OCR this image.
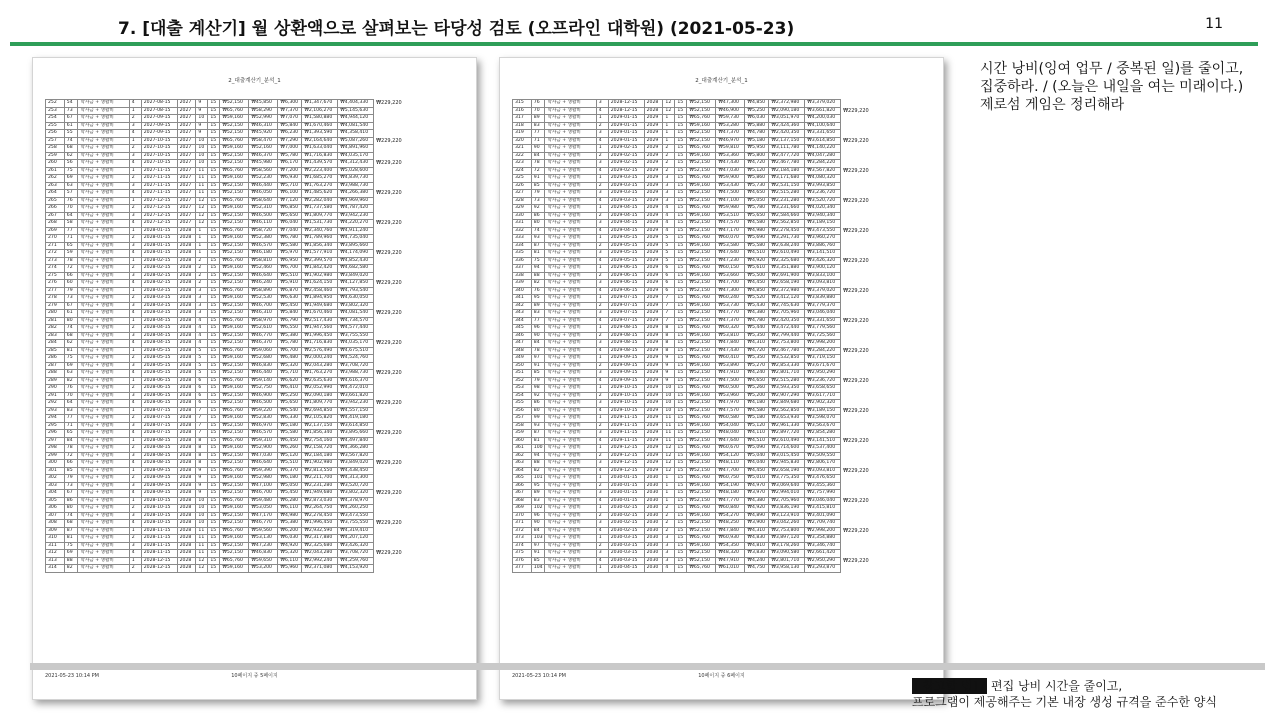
7. [대출 계산기] 월 상환액으로 살펴보는 타당성 검토 (오프라인 대학원) (2021-05-23)	11
2_대출계산기_분석_1
252	54	학자금 + 생활비	4	2027-08-15	2027	9	15	₩52,150	₩45,850	₩6,300	₩1,347,670	₩4,404,330	₩229,220
253	73	학자금 + 생활비	1	2027-08-15	2027	9	15	₩65,760	₩58,290	₩7,370	₩2,106,270	₩5,145,630	
254	67	학자금 + 생활비	2	2027-09-15	2027	10	15	₩59,160	₩52,990	₩7,070	₩1,580,880	₩4,944,120	
255	61	학자금 + 생활비	3	2027-09-15	2027	9	15	₩52,150	₩46,310	₩5,840	₩1,670,460	₩4,081,540	
256	55	학자금 + 생활비	4	2027-09-15	2027	9	15	₩52,150	₩45,920	₩6,230	₩1,393,590	₩4,358,410	
257	74	학자금 + 생활비	1	2027-10-15	2027	10	15	₩65,760	₩58,470	₩7,290	₩2,164,640	₩5,087,260	₩229,220
258	68	학자금 + 생활비	2	2027-10-15	2027	10	15	₩59,160	₩52,160	₩7,000	₩1,633,040	₩4,891,960	
259	62	학자금 + 생활비	3	2027-10-15	2027	10	15	₩52,150	₩46,370	₩5,780	₩1,716,830	₩4,035,170	
260	56	학자금 + 생활비	4	2027-10-15	2027	10	15	₩52,150	₩45,980	₩6,170	₩1,439,570	₩4,312,430	₩229,220
261	75	학자금 + 생활비	1	2027-11-15	2027	11	15	₩65,760	₩58,560	₩7,200	₩2,223,400	₩5,028,600	
262	69	학자금 + 생활비	2	2027-11-15	2027	11	15	₩59,160	₩52,230	₩6,930	₩1,685,270	₩4,839,730	
263	63	학자금 + 생활비	3	2027-11-15	2027	11	15	₩52,150	₩46,440	₩5,710	₩1,763,270	₩3,988,730	
264	57	학자금 + 생활비	4	2027-11-15	2027	11	15	₩52,150	₩46,050	₩6,100	₩1,485,620	₩4,266,380	₩229,220
265	76	학자금 + 생활비	1	2027-12-15	2027	12	15	₩65,760	₩58,640	₩7,120	₩2,282,040	₩4,969,960	
266	70	학자금 + 생활비	2	2027-12-15	2027	12	15	₩59,160	₩52,310	₩6,850	₩1,737,580	₩4,787,420	
267	64	학자금 + 생활비	3	2027-12-15	2027	12	15	₩52,150	₩46,500	₩5,650	₩1,809,770	₩3,942,230	
268	58	학자금 + 생활비	4	2027-12-15	2027	12	15	₩52,150	₩46,110	₩6,040	₩1,531,730	₩4,220,270	₩229,220
269	77	학자금 + 생활비	1	2028-01-15	2028	1	15	₩65,760	₩58,720	₩7,040	₩2,340,760	₩4,911,240	
270	71	학자금 + 생활비	2	2028-01-15	2028	1	15	₩59,160	₩52,380	₩6,780	₩1,789,960	₩4,735,040	
271	65	학자금 + 생활비	3	2028-01-15	2028	1	15	₩52,150	₩46,570	₩5,580	₩1,856,340	₩3,895,660	
272	59	학자금 + 생활비	4	2028-01-15	2028	1	15	₩52,150	₩46,180	₩5,970	₩1,577,910	₩4,174,090	₩229,220
273	78	학자금 + 생활비	1	2028-02-15	2028	2	15	₩65,760	₩58,810	₩6,950	₩2,399,570	₩4,852,430	
274	72	학자금 + 생활비	2	2028-02-15	2028	2	15	₩59,160	₩52,460	₩6,700	₩1,842,420	₩4,682,580	
275	66	학자금 + 생활비	3	2028-02-15	2028	2	15	₩52,150	₩46,640	₩5,510	₩1,902,980	₩3,849,020	
276	60	학자금 + 생활비	4	2028-02-15	2028	2	15	₩52,150	₩46,240	₩5,910	₩1,624,150	₩4,127,850	₩229,220
277	79	학자금 + 생활비	1	2028-03-15	2028	3	15	₩65,760	₩58,890	₩6,870	₩2,458,460	₩4,793,540	
278	73	학자금 + 생활비	2	2028-03-15	2028	3	15	₩59,160	₩52,530	₩6,630	₩1,894,950	₩4,630,050	
279	67	학자금 + 생활비	3	2028-03-15	2028	3	15	₩52,150	₩46,700	₩5,450	₩1,949,680	₩3,802,320	
280	61	학자금 + 생활비	4	2028-03-15	2028	3	15	₩52,150	₩46,310	₩5,840	₩1,670,460	₩4,081,540	₩229,220
281	80	학자금 + 생활비	1	2028-04-15	2028	4	15	₩65,760	₩58,970	₩6,790	₩2,517,430	₩4,734,570	
282	74	학자금 + 생활비	2	2028-04-15	2028	4	15	₩59,160	₩52,610	₩6,550	₩1,947,560	₩4,577,440	
283	68	학자금 + 생활비	3	2028-04-15	2028	4	15	₩52,150	₩46,770	₩5,380	₩1,996,450	₩3,755,550	
284	62	학자금 + 생활비	4	2028-04-15	2028	4	15	₩52,150	₩46,370	₩5,780	₩1,716,830	₩4,035,170	₩229,220
285	81	학자금 + 생활비	1	2028-05-15	2028	5	15	₩65,760	₩59,060	₩6,700	₩2,576,490	₩4,675,510	
286	75	학자금 + 생활비	2	2028-05-15	2028	5	15	₩59,160	₩52,680	₩6,480	₩2,000,240	₩4,524,760	
287	69	학자금 + 생활비	3	2028-05-15	2028	5	15	₩52,150	₩46,830	₩5,320	₩2,043,280	₩3,708,720	
288	63	학자금 + 생활비	4	2028-05-15	2028	5	15	₩52,150	₩46,440	₩5,710	₩1,763,270	₩3,988,730	₩229,220
289	82	학자금 + 생활비	1	2028-06-15	2028	6	15	₩65,760	₩59,140	₩6,620	₩2,635,630	₩4,616,370	
290	76	학자금 + 생활비	2	2028-06-15	2028	6	15	₩59,160	₩52,750	₩6,410	₩2,052,990	₩4,472,010	
291	70	학자금 + 생활비	3	2028-06-15	2028	6	15	₩52,150	₩46,900	₩5,250	₩2,090,180	₩3,661,820	
292	64	학자금 + 생활비	4	2028-06-15	2028	6	15	₩52,150	₩46,500	₩5,650	₩1,809,770	₩3,942,230	₩229,220
293	83	학자금 + 생활비	1	2028-07-15	2028	7	15	₩65,760	₩59,220	₩6,540	₩2,694,850	₩4,557,150	
294	77	학자금 + 생활비	2	2028-07-15	2028	7	15	₩59,160	₩52,830	₩6,330	₩2,105,820	₩4,419,180	
295	71	학자금 + 생활비	3	2028-07-15	2028	7	15	₩52,150	₩46,970	₩5,180	₩2,137,150	₩3,614,850	
296	65	학자금 + 생활비	4	2028-07-15	2028	7	15	₩52,150	₩46,570	₩5,580	₩1,856,340	₩3,895,660	₩229,220
297	84	학자금 + 생활비	1	2028-08-15	2028	8	15	₩65,760	₩59,310	₩6,450	₩2,754,160	₩4,497,840	
298	78	학자금 + 생활비	2	2028-08-15	2028	8	15	₩59,160	₩52,900	₩6,260	₩2,158,720	₩4,366,280	
299	72	학자금 + 생활비	3	2028-08-15	2028	8	15	₩52,150	₩47,030	₩5,120	₩2,184,180	₩3,567,820	
300	66	학자금 + 생활비	4	2028-08-15	2028	8	15	₩52,150	₩46,640	₩5,510	₩1,902,980	₩3,849,020	₩229,220
301	85	학자금 + 생활비	1	2028-09-15	2028	9	15	₩65,760	₩59,390	₩6,370	₩2,813,550	₩4,438,450	
302	79	학자금 + 생활비	2	2028-09-15	2028	9	15	₩59,160	₩52,980	₩6,180	₩2,211,700	₩4,313,300	
303	73	학자금 + 생활비	3	2028-09-15	2028	9	15	₩52,150	₩47,100	₩5,050	₩2,231,280	₩3,520,720	
304	67	학자금 + 생활비	4	2028-09-15	2028	9	15	₩52,150	₩46,700	₩5,450	₩1,949,680	₩3,802,320	₩229,220
305	86	학자금 + 생활비	1	2028-10-15	2028	10	15	₩65,760	₩59,480	₩6,280	₩2,873,030	₩4,378,970	
306	80	학자금 + 생활비	2	2028-10-15	2028	10	15	₩59,160	₩53,050	₩6,110	₩2,264,750	₩4,260,250	
307	74	학자금 + 생활비	3	2028-10-15	2028	10	15	₩52,150	₩47,170	₩4,980	₩2,278,450	₩3,473,550	
308	68	학자금 + 생활비	4	2028-10-15	2028	10	15	₩52,150	₩46,770	₩5,380	₩1,996,450	₩3,755,550	₩229,220
309	87	학자금 + 생활비	1	2028-11-15	2028	11	15	₩65,760	₩59,560	₩6,200	₩2,932,590	₩4,319,410	
310	81	학자금 + 생활비	2	2028-11-15	2028	11	15	₩59,160	₩53,130	₩6,030	₩2,317,880	₩4,207,120	
311	75	학자금 + 생활비	3	2028-11-15	2028	11	15	₩52,150	₩47,230	₩4,920	₩2,325,680	₩3,426,320	
312	69	학자금 + 생활비	4	2028-11-15	2028	11	15	₩52,150	₩46,830	₩5,320	₩2,043,280	₩3,708,720	₩229,220
313	88	학자금 + 생활비	1	2028-12-15	2028	12	15	₩65,760	₩59,650	₩6,110	₩2,992,240	₩4,259,760	
314	82	학자금 + 생활비	2	2028-12-15	2028	12	15	₩59,160	₩53,200	₩5,960	₩2,371,080	₩4,153,920	
2021-05-23 10:14 PM	10페이지 중 5페이지
2_대출계산기_분석_1
315	76	학자금 + 생활비	3	2028-12-15	2028	12	15	₩52,150	₩47,300	₩4,850	₩2,372,980	₩3,379,020	
316	70	학자금 + 생활비	4	2028-12-15	2028	12	15	₩52,150	₩46,900	₩5,250	₩2,090,180	₩3,661,820	₩229,220
317	89	학자금 + 생활비	1	2029-01-15	2029	1	15	₩65,760	₩59,730	₩6,030	₩3,051,970	₩4,200,030	
318	83	학자금 + 생활비	2	2029-01-15	2029	1	15	₩59,160	₩53,280	₩5,880	₩2,424,360	₩4,100,640	
319	77	학자금 + 생활비	3	2029-01-15	2029	1	15	₩52,150	₩47,370	₩4,780	₩2,420,350	₩3,331,650	
320	71	학자금 + 생활비	4	2029-01-15	2029	1	15	₩52,150	₩46,970	₩5,180	₩2,137,150	₩3,614,850	₩229,220
321	90	학자금 + 생활비	1	2029-02-15	2029	2	15	₩65,760	₩59,810	₩5,950	₩3,111,780	₩4,140,220	
322	84	학자금 + 생활비	2	2029-02-15	2029	2	15	₩59,160	₩53,360	₩5,800	₩2,477,720	₩4,047,280	
323	78	학자금 + 생활비	3	2029-02-15	2029	2	15	₩52,150	₩47,430	₩4,720	₩2,467,780	₩3,284,220	
324	72	학자금 + 생활비	4	2029-02-15	2029	2	15	₩52,150	₩47,030	₩5,120	₩2,184,180	₩3,567,820	₩229,220
325	91	학자금 + 생활비	1	2029-03-15	2029	3	15	₩65,760	₩59,900	₩5,860	₩3,171,680	₩4,080,320	
326	85	학자금 + 생활비	2	2029-03-15	2029	3	15	₩59,160	₩53,430	₩5,730	₩2,531,150	₩3,993,850	
327	79	학자금 + 생활비	3	2029-03-15	2029	3	15	₩52,150	₩47,500	₩4,650	₩2,515,280	₩3,236,720	
328	73	학자금 + 생활비	4	2029-03-15	2029	3	15	₩52,150	₩47,100	₩5,050	₩2,231,280	₩3,520,720	₩229,220
329	92	학자금 + 생활비	1	2029-04-15	2029	4	15	₩65,760	₩59,980	₩5,780	₩3,231,660	₩4,020,340	
330	86	학자금 + 생활비	2	2029-04-15	2029	4	15	₩59,160	₩53,510	₩5,650	₩2,584,660	₩3,940,340	
331	80	학자금 + 생활비	3	2029-04-15	2029	4	15	₩52,150	₩47,570	₩4,580	₩2,562,850	₩3,189,150	
332	74	학자금 + 생활비	4	2029-04-15	2029	4	15	₩52,150	₩47,170	₩4,980	₩2,278,450	₩3,473,550	₩229,220
333	93	학자금 + 생활비	1	2029-05-15	2029	5	15	₩65,760	₩60,070	₩5,690	₩3,291,730	₩3,960,270	
334	87	학자금 + 생활비	2	2029-05-15	2029	5	15	₩59,160	₩53,580	₩5,580	₩2,638,240	₩3,886,760	
335	81	학자금 + 생활비	3	2029-05-15	2029	5	15	₩52,150	₩47,640	₩4,510	₩2,610,490	₩3,141,510	
336	75	학자금 + 생활비	4	2029-05-15	2029	5	15	₩52,150	₩47,230	₩4,920	₩2,325,680	₩3,426,320	₩229,220
337	94	학자금 + 생활비	1	2029-06-15	2029	6	15	₩65,760	₩60,150	₩5,610	₩3,351,880	₩3,900,120	
338	88	학자금 + 생활비	2	2029-06-15	2029	6	15	₩59,160	₩53,660	₩5,500	₩2,691,900	₩3,833,100	
339	82	학자금 + 생활비	3	2029-06-15	2029	6	15	₩52,150	₩47,700	₩4,450	₩2,658,190	₩3,093,810	
340	76	학자금 + 생활비	4	2029-06-15	2029	6	15	₩52,150	₩47,300	₩4,850	₩2,372,980	₩3,379,020	₩229,220
341	95	학자금 + 생활비	1	2029-07-15	2029	7	15	₩65,760	₩60,240	₩5,520	₩3,412,120	₩3,839,880	
342	89	학자금 + 생활비	2	2029-07-15	2029	7	15	₩59,160	₩53,730	₩5,430	₩2,745,630	₩3,779,370	
343	83	학자금 + 생활비	3	2029-07-15	2029	7	15	₩52,150	₩47,770	₩4,380	₩2,705,960	₩3,046,040	
344	77	학자금 + 생활비	4	2029-07-15	2029	7	15	₩52,150	₩47,370	₩4,780	₩2,420,350	₩3,331,650	₩229,220
345	96	학자금 + 생활비	1	2029-08-15	2029	8	15	₩65,760	₩60,320	₩5,440	₩3,472,440	₩3,779,560	
346	90	학자금 + 생활비	2	2029-08-15	2029	8	15	₩59,160	₩53,810	₩5,350	₩2,799,440	₩3,725,560	
347	84	학자금 + 생활비	3	2029-08-15	2029	8	15	₩52,150	₩47,840	₩4,310	₩2,753,800	₩2,998,200	
348	78	학자금 + 생활비	4	2029-08-15	2029	8	15	₩52,150	₩47,430	₩4,720	₩2,467,780	₩3,284,220	₩229,220
349	97	학자금 + 생활비	1	2029-09-15	2029	9	15	₩65,760	₩60,410	₩5,350	₩3,532,850	₩3,719,150	
350	91	학자금 + 생활비	2	2029-09-15	2029	9	15	₩59,160	₩53,890	₩5,270	₩2,853,330	₩3,671,670	
351	85	학자금 + 생활비	3	2029-09-15	2029	9	15	₩52,150	₩47,910	₩4,240	₩2,801,710	₩2,950,290	
352	79	학자금 + 생활비	4	2029-09-15	2029	9	15	₩52,150	₩47,500	₩4,650	₩2,515,280	₩3,236,720	₩229,220
353	98	학자금 + 생활비	1	2029-10-15	2029	10	15	₩65,760	₩60,500	₩5,260	₩3,593,350	₩3,658,650	
354	92	학자금 + 생활비	2	2029-10-15	2029	10	15	₩59,160	₩53,960	₩5,200	₩2,907,290	₩3,617,710	
355	86	학자금 + 생활비	3	2029-10-15	2029	10	15	₩52,150	₩47,970	₩4,180	₩2,849,680	₩2,902,320	
356	80	학자금 + 생활비	4	2029-10-15	2029	10	15	₩52,150	₩47,570	₩4,580	₩2,562,850	₩3,189,150	₩229,220
357	99	학자금 + 생활비	1	2029-11-15	2029	11	15	₩65,760	₩60,580	₩5,180	₩3,653,930	₩3,598,070	
358	93	학자금 + 생활비	2	2029-11-15	2029	11	15	₩59,160	₩54,040	₩5,120	₩2,961,330	₩3,563,670	
359	87	학자금 + 생활비	3	2029-11-15	2029	11	15	₩52,150	₩48,040	₩4,110	₩2,897,720	₩2,854,280	
360	81	학자금 + 생활비	4	2029-11-15	2029	11	15	₩52,150	₩47,640	₩4,510	₩2,610,490	₩3,141,510	₩229,220
361	100	학자금 + 생활비	1	2029-12-15	2029	12	15	₩65,760	₩60,670	₩5,090	₩3,714,600	₩3,537,400	
362	94	학자금 + 생활비	2	2029-12-15	2029	12	15	₩59,160	₩54,120	₩5,040	₩3,015,450	₩3,509,550	
363	88	학자금 + 생활비	3	2029-12-15	2029	12	15	₩52,150	₩48,110	₩4,040	₩2,945,830	₩2,806,170	
364	82	학자금 + 생활비	4	2029-12-15	2029	12	15	₩52,150	₩47,700	₩4,450	₩2,658,190	₩3,093,810	₩229,220
365	101	학자금 + 생활비	1	2030-01-15	2030	1	15	₩65,760	₩60,750	₩5,010	₩3,775,350	₩3,476,650	
366	95	학자금 + 생활비	2	2030-01-15	2030	1	15	₩59,160	₩54,190	₩4,970	₩3,069,640	₩3,455,360	
367	89	학자금 + 생활비	3	2030-01-15	2030	1	15	₩52,150	₩48,180	₩3,970	₩2,994,010	₩2,757,990	
368	83	학자금 + 생활비	4	2030-01-15	2030	1	15	₩52,150	₩47,770	₩4,380	₩2,705,960	₩3,046,040	₩229,220
369	102	학자금 + 생활비	1	2030-02-15	2030	2	15	₩65,760	₩60,840	₩4,920	₩3,836,190	₩3,415,810	
370	96	학자금 + 생활비	2	2030-02-15	2030	2	15	₩59,160	₩54,270	₩4,890	₩3,123,910	₩3,401,090	
371	90	학자금 + 생활비	3	2030-02-15	2030	2	15	₩52,150	₩48,250	₩3,900	₩3,042,260	₩2,709,740	
372	84	학자금 + 생활비	4	2030-02-15	2030	2	15	₩52,150	₩47,840	₩4,310	₩2,753,800	₩2,998,200	₩229,220
373	103	학자금 + 생활비	1	2030-03-15	2030	3	15	₩65,760	₩60,930	₩4,830	₩3,897,120	₩3,354,880	
374	97	학자금 + 생활비	2	2030-03-15	2030	3	15	₩59,160	₩54,350	₩4,810	₩3,178,260	₩3,346,740	
375	91	학자금 + 생활비	3	2030-03-15	2030	3	15	₩52,150	₩48,320	₩3,830	₩3,090,580	₩2,661,420	
376	85	학자금 + 생활비	4	2030-03-15	2030	3	15	₩52,150	₩47,910	₩4,240	₩2,801,710	₩2,950,290	₩229,220
377	104	학자금 + 생활비	1	2030-04-15	2030	4	15	₩65,760	₩61,010	₩4,750	₩3,958,130	₩3,293,870	
2021-05-23 10:14 PM	10페이지 중 6페이지
시간 낭비(잉여 업무 / 중복된 일)를 줄이고,
집중하라. / (오늘은 내일을 여는 미래이다.)
제로섬 게임은 정리해라
[ 참고할 범] / 편집 낭비 시간을 줄이고,
프로그램이 제공해주는 기본 내장 생성 규격을 준수한 양식
